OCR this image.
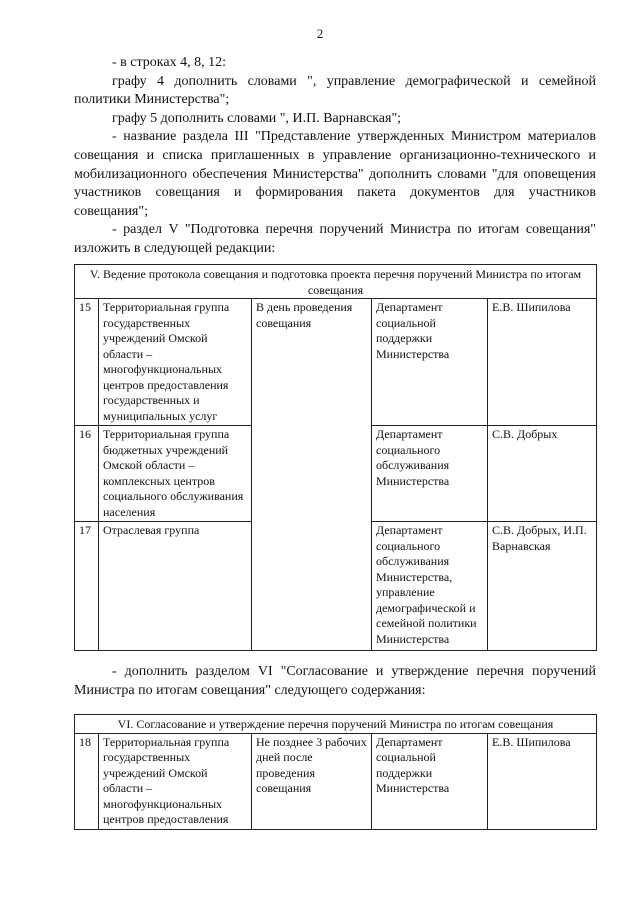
2

- в строках 4, 8, 12:

графу 4 дополнить словами ", управление демографической и семейной политики Министерства";

графу 5 дополнить словами ", И.П. Варнавская";

- название раздела III "Представление утвержденных Министром материалов совещания и списка приглашенных в управление организационно-технического и мобилизационного обеспечения Министерства" дополнить словами "для оповещения участников совещания и формирования пакета документов для участников совещания";

- раздел V "Подготовка перечня поручений Министра по итогам совещания" изложить в следующей редакции:

V. Ведение протокола совещания и подготовка проекта перечня поручений Министра по итогам совещания				
15	Территориальная группа государственных учреждений Омской области – многофункциональных центров предоставления государственных и муниципальных услуг	В день проведения совещания	Департамент социальной поддержки Министерства	Е.В. Шипилова
16	Территориальная группа бюджетных учреждений Омской области – комплексных центров социального обслуживания населения		Департамент социального обслуживания Министерства	С.В. Добрых
17	Отраслевая группа		Департамент социального обслуживания Министерства, управление демографической и семейной политики Министерства	С.В. Добрых, И.П. Варнавская

- дополнить разделом VI "Согласование и утверждение перечня поручений Министра по итогам совещания" следующего содержания:

VI. Согласование и утверждение перечня поручений Министра по итогам совещания
18	Территориальная группа государственных учреждений Омской области – многофункциональных центров предоставления	Не позднее 3 рабочих дней после проведения совещания	Департамент социальной поддержки Министерства	Е.В. Шипилова
